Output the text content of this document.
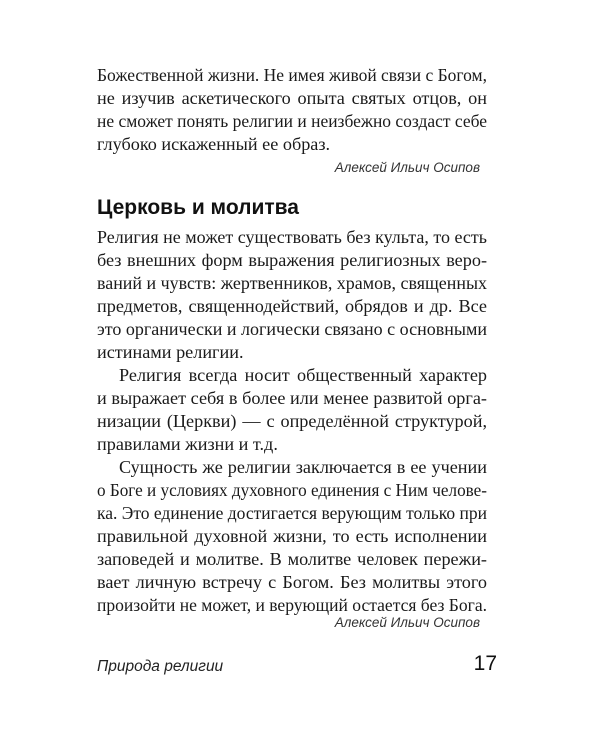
Божественной жизни. Не имея живой связи с Богом,
не изучив аскетического опыта святых отцов, он
не сможет понять религии и неизбежно создаст себе
глубоко искаженный ее образ.
Алексей Ильич Осипов
Церковь и молитва
Религия не может существовать без культа, то есть
без внешних форм выражения религиозных веро-
ваний и чувств: жертвенников, храмов, священных
предметов, священнодействий, обрядов и др. Все
это органически и логически связано с основными
истинами религии.
Религия всегда носит общественный характер
и выражает себя в более или менее развитой орга-
низации (Церкви) — с определённой структурой,
правилами жизни и т.д.
Сущность же религии заключается в ее учении
о Боге и условиях духовного единения с Ним челове-
ка. Это единение достигается верующим только при
правильной духовной жизни, то есть исполнении
заповедей и молитве. В молитве человек пережи-
вает личную встречу с Богом. Без молитвы этого
произойти не может, и верующий остается без Бога.
Алексей Ильич Осипов
Природа религии	17
